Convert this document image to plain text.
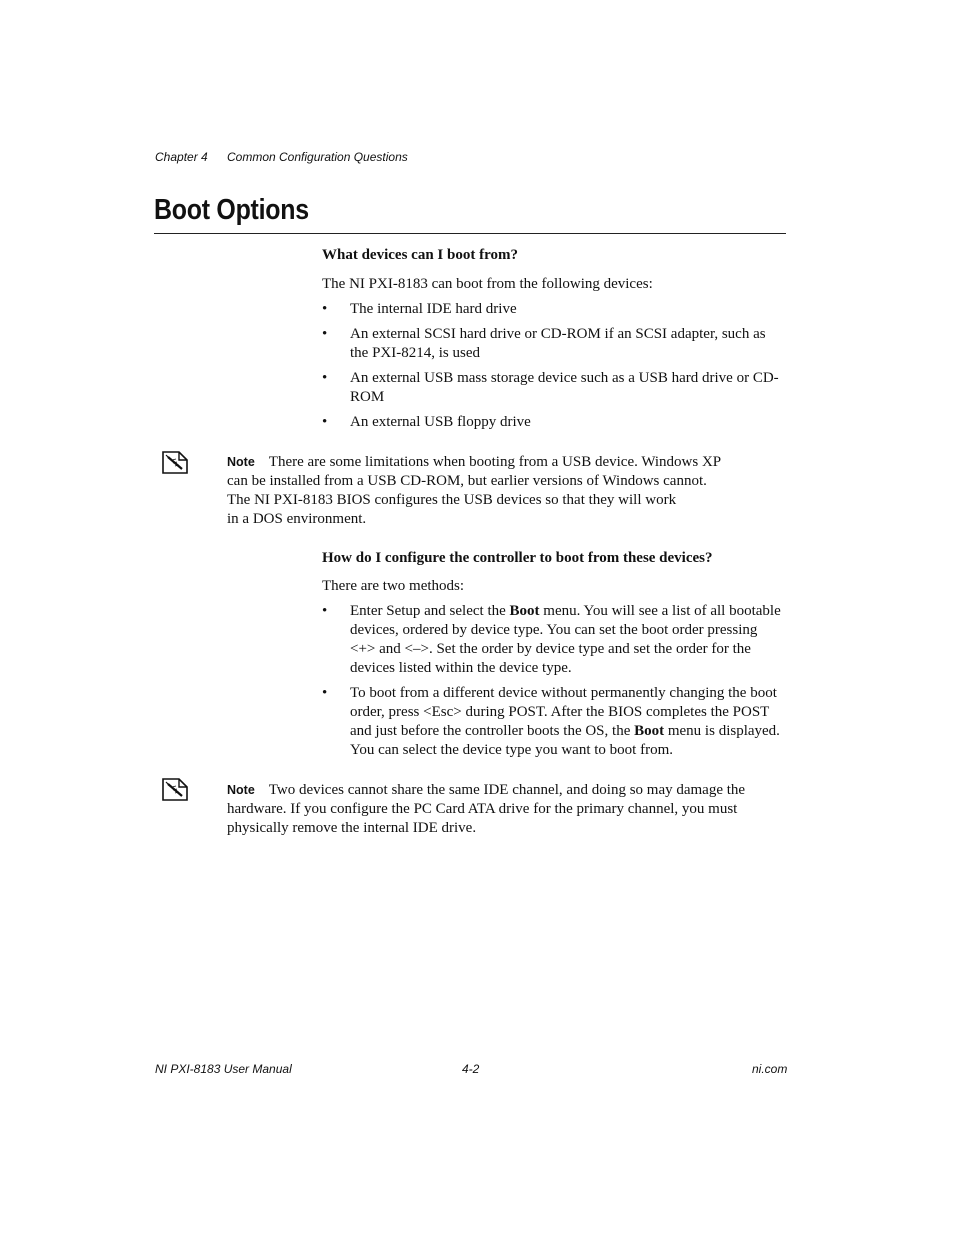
Chapter 4 Common Configuration Questions
Boot Options

What devices can I boot from?

The NI PXI-8183 can boot from the following devices:

• The internal IDE hard drive
• An external SCSI hard drive or CD-ROM if an SCSI adapter, such as the PXI-8214, is used
• An external USB mass storage device such as a USB hard drive or CD-ROM
• An external USB floppy drive
Note There are some limitations when booting from a USB device. Windows XP
can be installed from a USB CD-ROM, but earlier versions of Windows cannot.
The NI PXI-8183 BIOS configures the USB devices so that they will work
in a DOS environment.

How do I configure the controller to boot from these devices?

There are two methods:

• Enter Setup and select the Boot menu. You will see a list of all bootable devices, ordered by device type. You can set the boot order pressing <+> and <–>. Set the order by device type and set the order for the devices listed within the device type.
• To boot from a different device without permanently changing the boot order, press <Esc> during POST. After the BIOS completes the POST and just before the controller boots the OS, the Boot menu is displayed. You can select the device type you want to boot from.
Note Two devices cannot share the same IDE channel, and doing so may damage the
hardware. If you configure the PC Card ATA drive for the primary channel, you must
physically remove the internal IDE drive.
NI PXI-8183 User Manual	4-2	ni.com
